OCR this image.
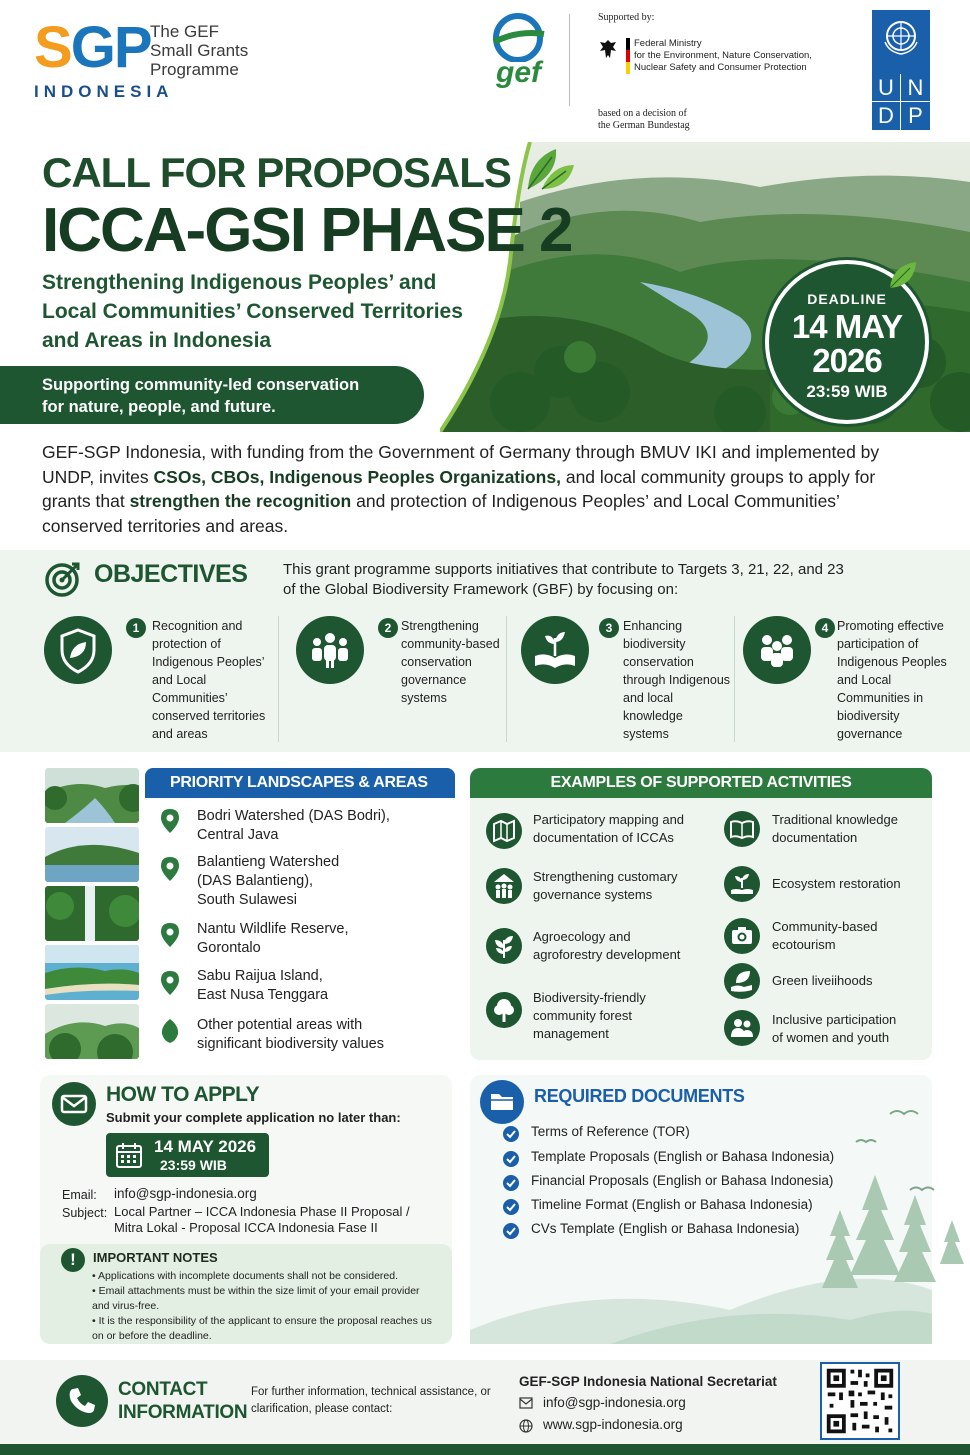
SGP The GEF
Small Grants
Programme
INDONESIA
gef
Supported by:
Federal Ministry
for the Environment, Nature Conservation,
Nuclear Safety and Consumer Protection
based on a decision of
the German Bundestag
U N
D P
CALL FOR PROPOSALS
ICCA-GSI PHASE 2
Strengthening Indigenous Peoples’ and Local Communities’ Conserved Territories and Areas in Indonesia
Supporting community-led conservation
for nature, people, and future.
DEADLINE
14 MAY
2026
23:59 WIB
GEF-SGP Indonesia, with funding from the Government of Germany through BMUV IKI and implemented by UNDP, invites CSOs, CBOs, Indigenous Peoples Organizations, and local community groups to apply for grants that strengthen the recognition and protection of Indigenous Peoples’ and Local Communities’ conserved territories and areas.
OBJECTIVES This grant programme supports initiatives that contribute to Targets 3, 21, 22, and 23
of the Global Biodiversity Framework (GBF) by focusing on:
1	Recognition and protection of Indigenous Peoples’ and Local Communities’ conserved territories and areas
2 Strengthening community-based conservation governance systems
3 Enhancing biodiversity conservation through Indigenous and local knowledge systems
4 Promoting effective participation of Indigenous Peoples and Local Communities in biodiversity governance
PRIORITY LANDSCAPES & AREAS
Bodri Watershed (DAS Bodri),
Central Java
Balantieng Watershed
(DAS Balantieng),
South Sulawesi
Nantu Wildlife Reserve,
Gorontalo
Sabu Raijua Island,
East Nusa Tenggara
Other potential areas with
significant biodiversity values
EXAMPLES OF SUPPORTED ACTIVITIES
Participatory mapping and
documentation of ICCAs
Strengthening customary
governance systems
Agroecology and
agroforestry development
Biodiversity-friendly
community forest
management
Traditional knowledge
documentation
Ecosystem restoration
Community-based
ecotourism
Green liveiihoods
Inclusive participation
of women and youth
HOW TO APPLY
Submit your complete application no later than:
14 MAY 2026
23:59 WIB
Email: info@sgp-indonesia.org
Subject: Local Partner – ICCA Indonesia Phase II Proposal /
Mitra Lokal - Proposal ICCA Indonesia Fase II
!	IMPORTANT NOTES
• Applications with incomplete documents shall not be considered.
• Email attachments must be within the size limit of your email provider and virus-free.
• It is the responsibility of the applicant to ensure the proposal reaches us on or before the deadline.
REQUIRED DOCUMENTS
Terms of Reference (TOR)
Template Proposals (English or Bahasa Indonesia)
Financial Proposals (English or Bahasa Indonesia)
Timeline Format (English or Bahasa Indonesia)
CVs Template (English or Bahasa Indonesia)
CONTACT
INFORMATION
For further information, technical assistance, or clarification, please contact:
GEF-SGP Indonesia National Secretariat
info@sgp-indonesia.org
www.sgp-indonesia.org
